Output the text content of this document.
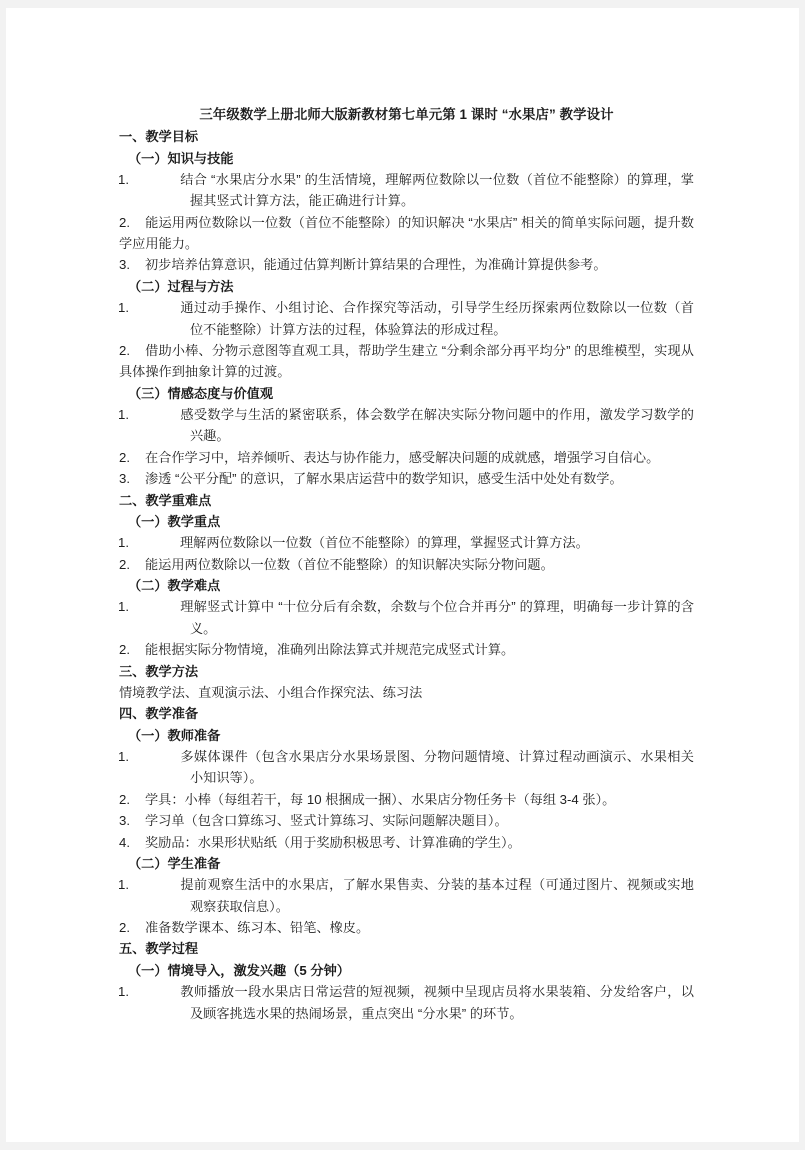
三年级数学上册北师大版新教材第七单元第 1 课时 “水果店” 教学设计
一、教学目标
（一）知识与技能
1.	结合 “水果店分水果” 的生活情境，理解两位数除以一位数（首位不能整除）的算理，掌握其竖式计算方法，能正确进行计算。
2. 能运用两位数除以一位数（首位不能整除）的知识解决 “水果店” 相关的简单实际问题，提升数学应用能力。
3. 初步培养估算意识，能通过估算判断计算结果的合理性，为准确计算提供参考。
（二）过程与方法
1.	通过动手操作、小组讨论、合作探究等活动，引导学生经历探索两位数除以一位数（首位不能整除）计算方法的过程，体验算法的形成过程。
2. 借助小棒、分物示意图等直观工具，帮助学生建立 “分剩余部分再平均分” 的思维模型，实现从具体操作到抽象计算的过渡。
（三）情感态度与价值观
1.	感受数学与生活的紧密联系，体会数学在解决实际分物问题中的作用，激发学习数学的兴趣。
2. 在合作学习中，培养倾听、表达与协作能力，感受解决问题的成就感，增强学习自信心。
3. 渗透 “公平分配” 的意识，了解水果店运营中的数学知识，感受生活中处处有数学。
二、教学重难点
（一）教学重点
1.	理解两位数除以一位数（首位不能整除）的算理，掌握竖式计算方法。
2. 能运用两位数除以一位数（首位不能整除）的知识解决实际分物问题。
（二）教学难点
1.	理解竖式计算中 “十位分后有余数，余数与个位合并再分” 的算理，明确每一步计算的含义。
2. 能根据实际分物情境，准确列出除法算式并规范完成竖式计算。
三、教学方法
情境教学法、直观演示法、小组合作探究法、练习法
四、教学准备
（一）教师准备
1.	多媒体课件（包含水果店分水果场景图、分物问题情境、计算过程动画演示、水果相关小知识等）。
2. 学具：小棒（每组若干，每 10 根捆成一捆）、水果店分物任务卡（每组 3-4 张）。
3. 学习单（包含口算练习、竖式计算练习、实际问题解决题目）。
4. 奖励品：水果形状贴纸（用于奖励积极思考、计算准确的学生）。
（二）学生准备
1.	提前观察生活中的水果店，了解水果售卖、分装的基本过程（可通过图片、视频或实地观察获取信息）。
2. 准备数学课本、练习本、铅笔、橡皮。
五、教学过程
（一）情境导入，激发兴趣（5 分钟）
1.	教师播放一段水果店日常运营的短视频，视频中呈现店员将水果装箱、分发给客户，以及顾客挑选水果的热闹场景，重点突出 “分水果” 的环节。
